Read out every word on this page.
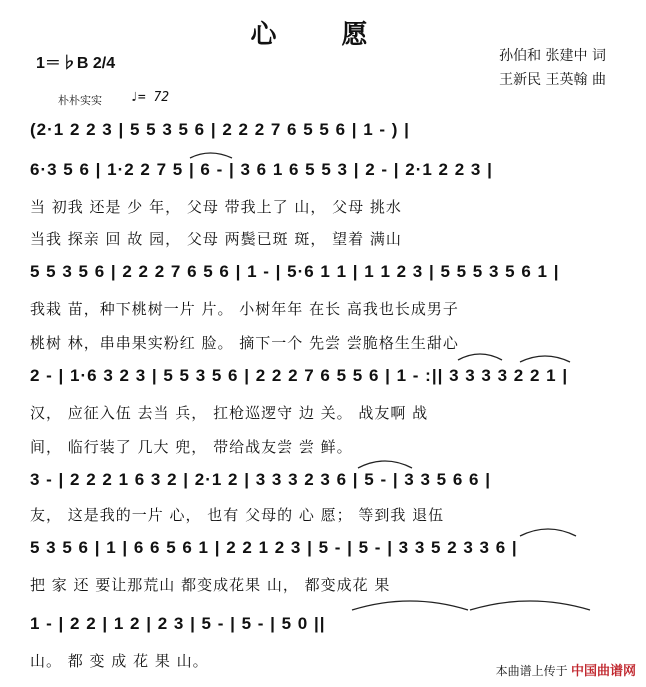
心 愿
1＝♭B 2/4	孙伯和 张建中 词
王新民 王英翰 曲
朴朴实实 ♩= 72
(2·1 2 2 3 | 5 5 3 5 6 | 2 2 2 7 6 5 5 6 | 1 - ) |
6·3 5 6 | 1·2 2 7 5 | 6 - | 3 6 1 6 5 5 3 | 2 - | 2·1 2 2 3 |
当 初我 还是 少 年， 父母 带我上了 山， 父母 挑水
当我 探亲 回 故 园， 父母 两鬓已斑 斑， 望着 满山
5 5 3 5 6 | 2 2 2 7 6 5 6 | 1 - | 5·6 1 1 | 1 1 2 3 | 5 5 5 3 5 6 1 |
我栽 苗，种下桃树一片 片。 小树年年 在长 高我也长成男子
桃树 林，串串果实粉红 脸。 摘下一个 先尝 尝脆格生生甜心
2 - | 1·6 3 2 3 | 5 5 3 5 6 | 2 2 2 7 6 5 5 6 | 1 - :|| 3 3 3 3 2 2 1 |
汉， 应征入伍 去当 兵， 扛枪巡逻守 边 关。 战友啊 战
间， 临行装了 几大 兜， 带给战友尝 尝 鲜。
3 - | 2 2 2 1 6 3 2 | 2·1 2 | 3 3 3 2 3 6 | 5 - | 3 3 5 6 6 |
友， 这是我的一片 心， 也有 父母的 心 愿； 等到我 退伍
5 3 5 6 | 1 | 6 6 5 6 1 | 2 2 1 2 3 | 5 - | 5 - | 3 3 5 2 3 3 6 |
把 家 还 要让那荒山 都变成花果 山， 都变成花 果
1 - | 2 2 | 1 2 | 2 3 | 5 - | 5 - | 5 0 ||
山。 都 变 成 花 果 山。
本曲谱上传于 中国曲谱网
